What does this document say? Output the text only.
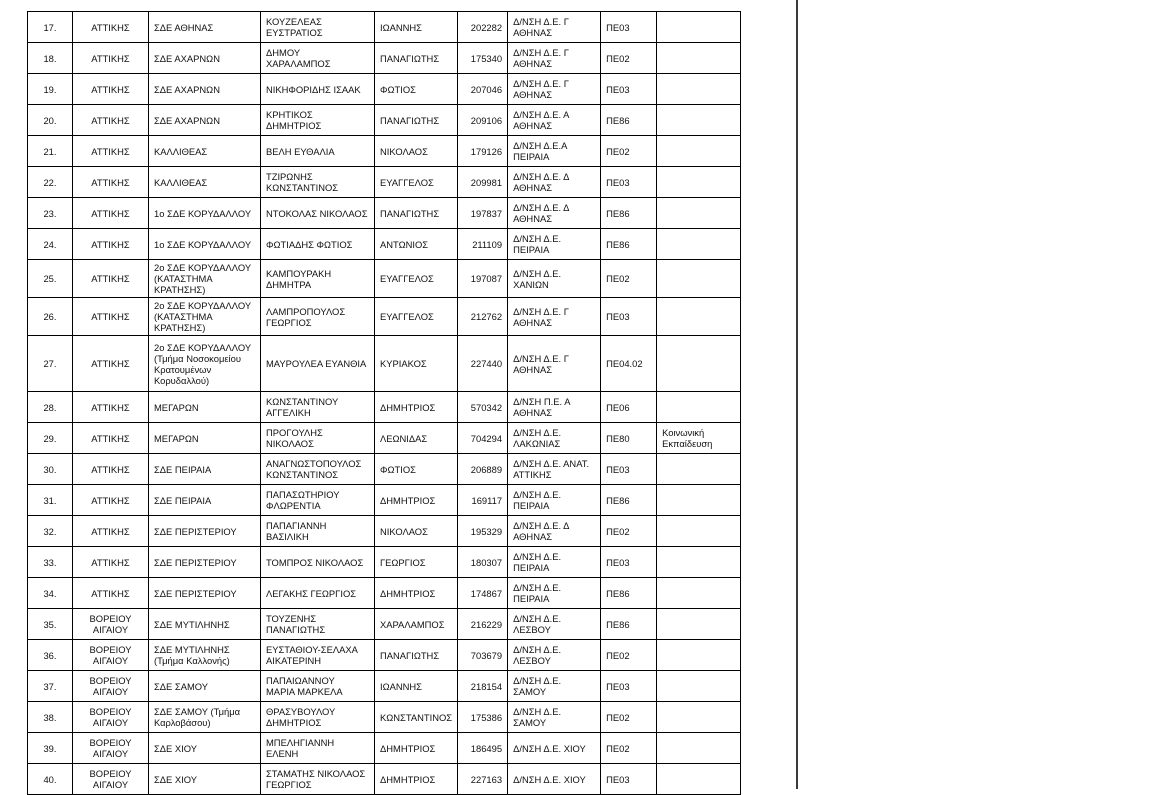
17.	ΑΤΤΙΚΗΣ	ΣΔΕ ΑΘΗΝΑΣ	ΚΟΥΖΕΛΕΑΣ
ΕΥΣΤΡΑΤΙΟΣ	ΙΩΑΝΝΗΣ	202282	Δ/ΝΣΗ Δ.Ε. Γ
ΑΘΗΝΑΣ	ΠΕ03	
18.	ΑΤΤΙΚΗΣ	ΣΔΕ ΑΧΑΡΝΩΝ	ΔΗΜΟΥ
ΧΑΡΑΛΑΜΠΟΣ	ΠΑΝΑΓΙΩΤΗΣ	175340	Δ/ΝΣΗ Δ.Ε. Γ
ΑΘΗΝΑΣ	ΠΕ02	
19.	ΑΤΤΙΚΗΣ	ΣΔΕ ΑΧΑΡΝΩΝ	ΝΙΚΗΦΟΡΙΔΗΣ ΙΣΑΑΚ	ΦΩΤΙΟΣ	207046	Δ/ΝΣΗ Δ.Ε. Γ
ΑΘΗΝΑΣ	ΠΕ03	
20.	ΑΤΤΙΚΗΣ	ΣΔΕ ΑΧΑΡΝΩΝ	ΚΡΗΤΙΚΟΣ
ΔΗΜΗΤΡΙΟΣ	ΠΑΝΑΓΙΩΤΗΣ	209106	Δ/ΝΣΗ Δ.Ε. Α
ΑΘΗΝΑΣ	ΠΕ86	
21.	ΑΤΤΙΚΗΣ	ΚΑΛΛΙΘΕΑΣ	ΒΕΛΗ ΕΥΘΑΛΙΑ	ΝΙΚΟΛΑΟΣ	179126	Δ/ΝΣΗ Δ.Ε.Α
ΠΕΙΡΑΙΑ	ΠΕ02	
22.	ΑΤΤΙΚΗΣ	ΚΑΛΛΙΘΕΑΣ	ΤΖΙΡΩΝΗΣ
ΚΩΝΣΤΑΝΤΙΝΟΣ	ΕΥΑΓΓΕΛΟΣ	209981	Δ/ΝΣΗ Δ.Ε. Δ
ΑΘΗΝΑΣ	ΠΕ03	
23.	ΑΤΤΙΚΗΣ	1ο ΣΔΕ ΚΟΡΥΔΑΛΛΟΥ	ΝΤΟΚΟΛΑΣ ΝΙΚΟΛΑΟΣ	ΠΑΝΑΓΙΩΤΗΣ	197837	Δ/ΝΣΗ Δ.Ε. Δ
ΑΘΗΝΑΣ	ΠΕ86	
24.	ΑΤΤΙΚΗΣ	1ο ΣΔΕ ΚΟΡΥΔΑΛΛΟΥ	ΦΩΤΙΑΔΗΣ ΦΩΤΙΟΣ	ΑΝΤΩΝΙΟΣ	211109	Δ/ΝΣΗ Δ.Ε.
ΠΕΙΡΑΙΑ	ΠΕ86	
25.	ΑΤΤΙΚΗΣ	2ο ΣΔΕ ΚΟΡΥΔΑΛΛΟΥ
(ΚΑΤΑΣΤΗΜΑ
ΚΡΑΤΗΣΗΣ)	ΚΑΜΠΟΥΡΑΚΗ
ΔΗΜΗΤΡΑ	ΕΥΑΓΓΕΛΟΣ	197087	Δ/ΝΣΗ Δ.Ε.
ΧΑΝΙΩΝ	ΠΕ02	
26.	ΑΤΤΙΚΗΣ	2ο ΣΔΕ ΚΟΡΥΔΑΛΛΟΥ
(ΚΑΤΑΣΤΗΜΑ
ΚΡΑΤΗΣΗΣ)	ΛΑΜΠΡΟΠΟΥΛΟΣ
ΓΕΩΡΓΙΟΣ	ΕΥΑΓΓΕΛΟΣ	212762	Δ/ΝΣΗ Δ.Ε. Γ
ΑΘΗΝΑΣ	ΠΕ03	
27.	ΑΤΤΙΚΗΣ	2ο ΣΔΕ ΚΟΡΥΔΑΛΛΟΥ
(Τμήμα Νοσοκομείου
Κρατουμένων
Κορυδαλλού)	ΜΑΥΡΟΥΛΕΑ ΕΥΑΝΘΙΑ	ΚΥΡΙΑΚΟΣ	227440	Δ/ΝΣΗ Δ.Ε. Γ
ΑΘΗΝΑΣ	ΠΕ04.02	
28.	ΑΤΤΙΚΗΣ	ΜΕΓΑΡΩΝ	ΚΩΝΣΤΑΝΤΙΝΟΥ
ΑΓΓΕΛΙΚΗ	ΔΗΜΗΤΡΙΟΣ	570342	Δ/ΝΣΗ Π.Ε. Α
ΑΘΗΝΑΣ	ΠΕ06	
29.	ΑΤΤΙΚΗΣ	ΜΕΓΑΡΩΝ	ΠΡΟΓΟΥΛΗΣ
ΝΙΚΟΛΑΟΣ	ΛΕΩΝΙΔΑΣ	704294	Δ/ΝΣΗ Δ.Ε.
ΛΑΚΩΝΙΑΣ	ΠΕ80	Κοινωνική
Εκπαίδευση
30.	ΑΤΤΙΚΗΣ	ΣΔΕ ΠΕΙΡΑΙΑ	ΑΝΑΓΝΩΣΤΟΠΟΥΛΟΣ
ΚΩΝΣΤΑΝΤΙΝΟΣ	ΦΩΤΙΟΣ	206889	Δ/ΝΣΗ Δ.Ε. ΑΝΑΤ.
ΑΤΤΙΚΗΣ	ΠΕ03	
31.	ΑΤΤΙΚΗΣ	ΣΔΕ ΠΕΙΡΑΙΑ	ΠΑΠΑΣΩΤΗΡΙΟΥ
ΦΛΩΡΕΝΤΙΑ	ΔΗΜΗΤΡΙΟΣ	169117	Δ/ΝΣΗ Δ.Ε.
ΠΕΙΡΑΙΑ	ΠΕ86	
32.	ΑΤΤΙΚΗΣ	ΣΔΕ ΠΕΡΙΣΤΕΡΙΟΥ	ΠΑΠΑΓΙΑΝΝΗ
ΒΑΣΙΛΙΚΗ	ΝΙΚΟΛΑΟΣ	195329	Δ/ΝΣΗ Δ.Ε. Δ
ΑΘΗΝΑΣ	ΠΕ02	
33.	ΑΤΤΙΚΗΣ	ΣΔΕ ΠΕΡΙΣΤΕΡΙΟΥ	ΤΟΜΠΡΟΣ ΝΙΚΟΛΑΟΣ	ΓΕΩΡΓΙΟΣ	180307	Δ/ΝΣΗ Δ.Ε.
ΠΕΙΡΑΙΑ	ΠΕ03	
34.	ΑΤΤΙΚΗΣ	ΣΔΕ ΠΕΡΙΣΤΕΡΙΟΥ	ΛΕΓΑΚΗΣ ΓΕΩΡΓΙΟΣ	ΔΗΜΗΤΡΙΟΣ	174867	Δ/ΝΣΗ Δ.Ε.
ΠΕΙΡΑΙΑ	ΠΕ86	
35.	ΒΟΡΕΙΟΥ
ΑΙΓΑΙΟΥ	ΣΔΕ ΜΥΤΙΛΗΝΗΣ	ΤΟΥΖΕΝΗΣ
ΠΑΝΑΓΙΩΤΗΣ	ΧΑΡΑΛΑΜΠΟΣ	216229	Δ/ΝΣΗ Δ.Ε.
ΛΕΣΒΟΥ	ΠΕ86	
36.	ΒΟΡΕΙΟΥ
ΑΙΓΑΙΟΥ	ΣΔΕ ΜΥΤΙΛΗΝΗΣ
(Τμήμα Καλλονής)	ΕΥΣΤΑΘΙΟΥ-ΣΕΛΑΧΑ
ΑΙΚΑΤΕΡΙΝΗ	ΠΑΝΑΓΙΩΤΗΣ	703679	Δ/ΝΣΗ Δ.Ε.
ΛΕΣΒΟΥ	ΠΕ02	
37.	ΒΟΡΕΙΟΥ
ΑΙΓΑΙΟΥ	ΣΔΕ ΣΑΜΟΥ	ΠΑΠΑΙΩΑΝΝΟΥ
ΜΑΡΙΑ ΜΑΡΚΕΛΑ	ΙΩΑΝΝΗΣ	218154	Δ/ΝΣΗ Δ.Ε.
ΣΑΜΟΥ	ΠΕ03	
38.	ΒΟΡΕΙΟΥ
ΑΙΓΑΙΟΥ	ΣΔΕ ΣΑΜΟΥ (Τμήμα
Καρλοβάσου)	ΘΡΑΣΥΒΟΥΛΟΥ
ΔΗΜΗΤΡΙΟΣ	ΚΩΝΣΤΑΝΤΙΝΟΣ	175386	Δ/ΝΣΗ Δ.Ε.
ΣΑΜΟΥ	ΠΕ02	
39.	ΒΟΡΕΙΟΥ
ΑΙΓΑΙΟΥ	ΣΔΕ ΧΙΟΥ	ΜΠΕΛΗΓΙΑΝΝΗ
ΕΛΕΝΗ	ΔΗΜΗΤΡΙΟΣ	186495	Δ/ΝΣΗ Δ.Ε. ΧΙΟΥ	ΠΕ02	
40.	ΒΟΡΕΙΟΥ
ΑΙΓΑΙΟΥ	ΣΔΕ ΧΙΟΥ	ΣΤΑΜΑΤΗΣ ΝΙΚΟΛΑΟΣ
ΓΕΩΡΓΙΟΣ	ΔΗΜΗΤΡΙΟΣ	227163	Δ/ΝΣΗ Δ.Ε. ΧΙΟΥ	ΠΕ03	
